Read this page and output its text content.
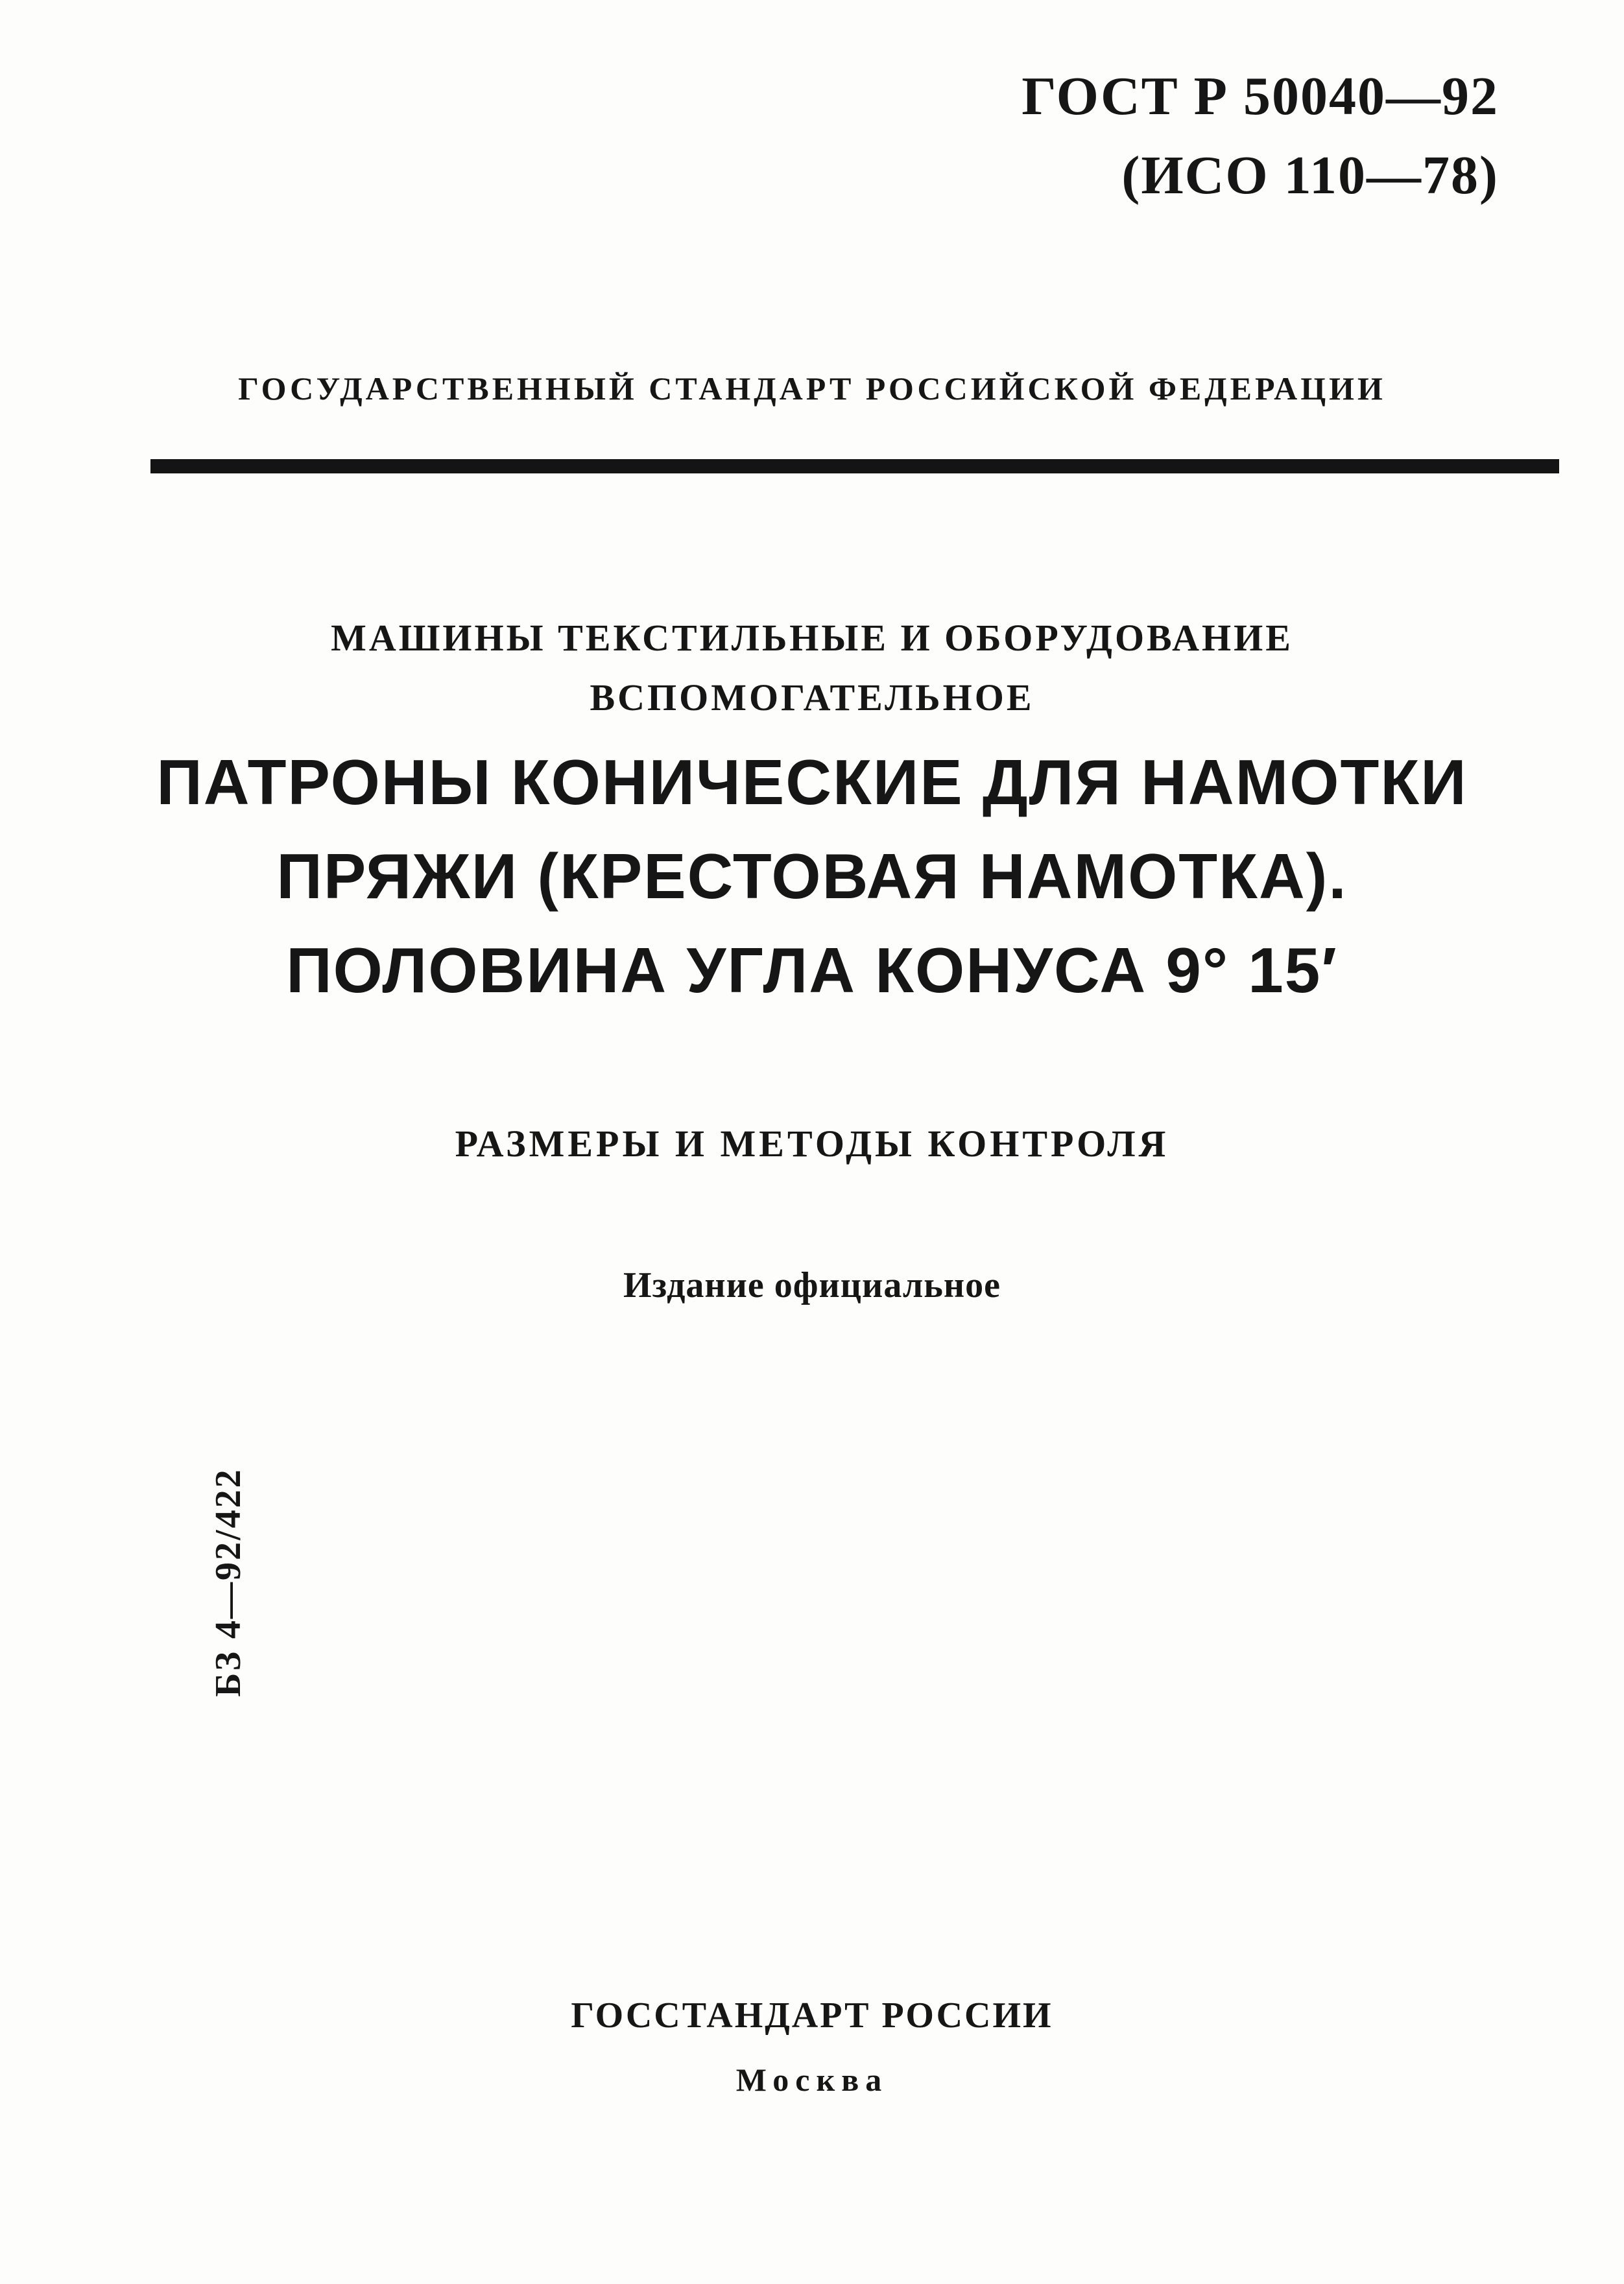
ГОСТ Р 50040—92
(ИСО 110—78)
ГОСУДАРСТВЕННЫЙ СТАНДАРТ РОССИЙСКОЙ ФЕДЕРАЦИИ
МАШИНЫ ТЕКСТИЛЬНЫЕ И ОБОРУДОВАНИЕ
ВСПОМОГАТЕЛЬНОЕ
ПАТРОНЫ КОНИЧЕСКИЕ ДЛЯ НАМОТКИ
ПРЯЖИ (КРЕСТОВАЯ НАМОТКА).
ПОЛОВИНА УГЛА КОНУСА 9° 15′
РАЗМЕРЫ И МЕТОДЫ КОНТРОЛЯ
Издание официальное
БЗ 4—92/422
ГОССТАНДАРТ РОССИИ
Москва
